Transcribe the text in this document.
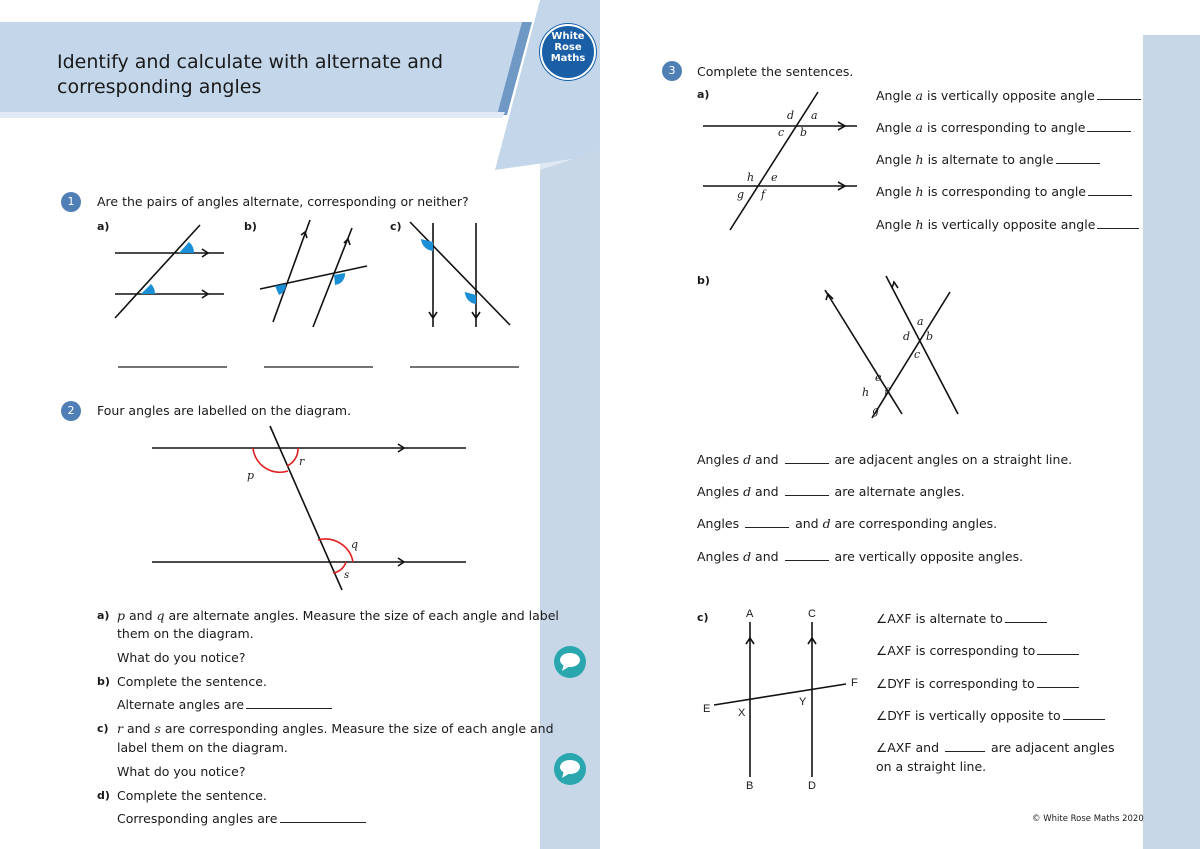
Identify and calculate with alternate and
corresponding angles
White
Rose
Maths
1	Are the pairs of angles alternate, corresponding or neither?
a)	b)	c)
2	Four angles are labelled on the diagram.
p
r
q
s
a) p and q are alternate angles. Measure the size of each angle and label
them on the diagram.
What do you notice?
b) Complete the sentence.
Alternate angles are
c) r and s are corresponding angles. Measure the size of each angle and
label them on the diagram.
What do you notice?
d) Complete the sentence.
Corresponding angles are
3	Complete the sentences.
a)
d a
c b
h e
g f
Angle a is vertically opposite angle
Angle a is corresponding to angle
Angle h is alternate to angle
Angle h is corresponding to angle
Angle h is vertically opposite angle
b)
a
d b
c
e
h f
g
Angles d and	are adjacent angles on a straight line.
Angles d and	are alternate angles.
Angles	and d are corresponding angles.
Angles d and	are vertically opposite angles.
c)	A	C
F
E	X
Y
B	D
∠AXF is alternate to
∠AXF is corresponding to
∠DYF is corresponding to
∠DYF is vertically opposite to
∠AXF and	are adjacent angles
on a straight line.
© White Rose Maths 2020
